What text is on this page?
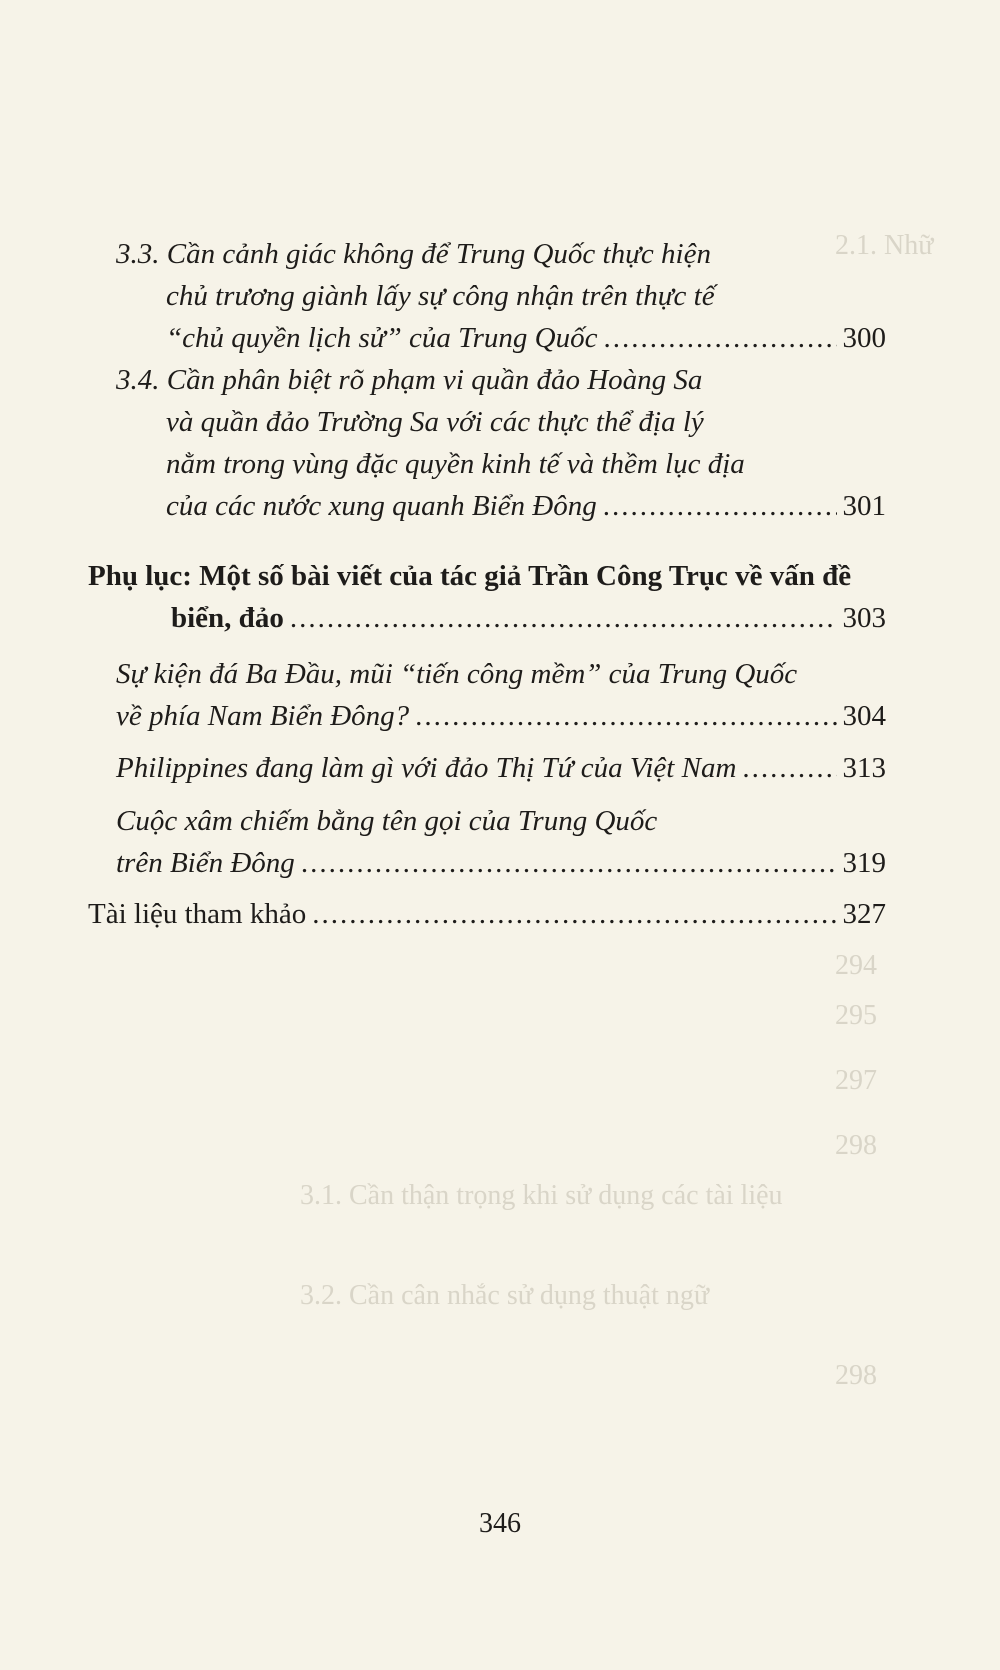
2.1. Nhữ
294
295
297
298
298
3.1. Cần thận trọng khi sử dụng các tài liệu
3.2. Cần cân nhắc sử dụng thuật ngữ
3.3. Cần cảnh giác không để Trung Quốc thực hiện
chủ trương giành lấy sự công nhận trên thực tế
“chủ quyền lịch sử” của Trung Quốc .....	300
3.4. Cần phân biệt rõ phạm vi quần đảo Hoàng Sa
và quần đảo Trường Sa với các thực thể địa lý
nằm trong vùng đặc quyền kinh tế và thềm lục địa
của các nước xung quanh Biển Đông .....	301
Phụ lục: Một số bài viết của tác giả Trần Công Trục về vấn đề
biển, đảo .....	303
Sự kiện đá Ba Đầu, mũi “tiến công mềm” của Trung Quốc
về phía Nam Biển Đông? .....	304
Philippines đang làm gì với đảo Thị Tứ của Việt Nam .....	313
Cuộc xâm chiếm bằng tên gọi của Trung Quốc
trên Biển Đông .....	319
Tài liệu tham khảo .....	327
346
